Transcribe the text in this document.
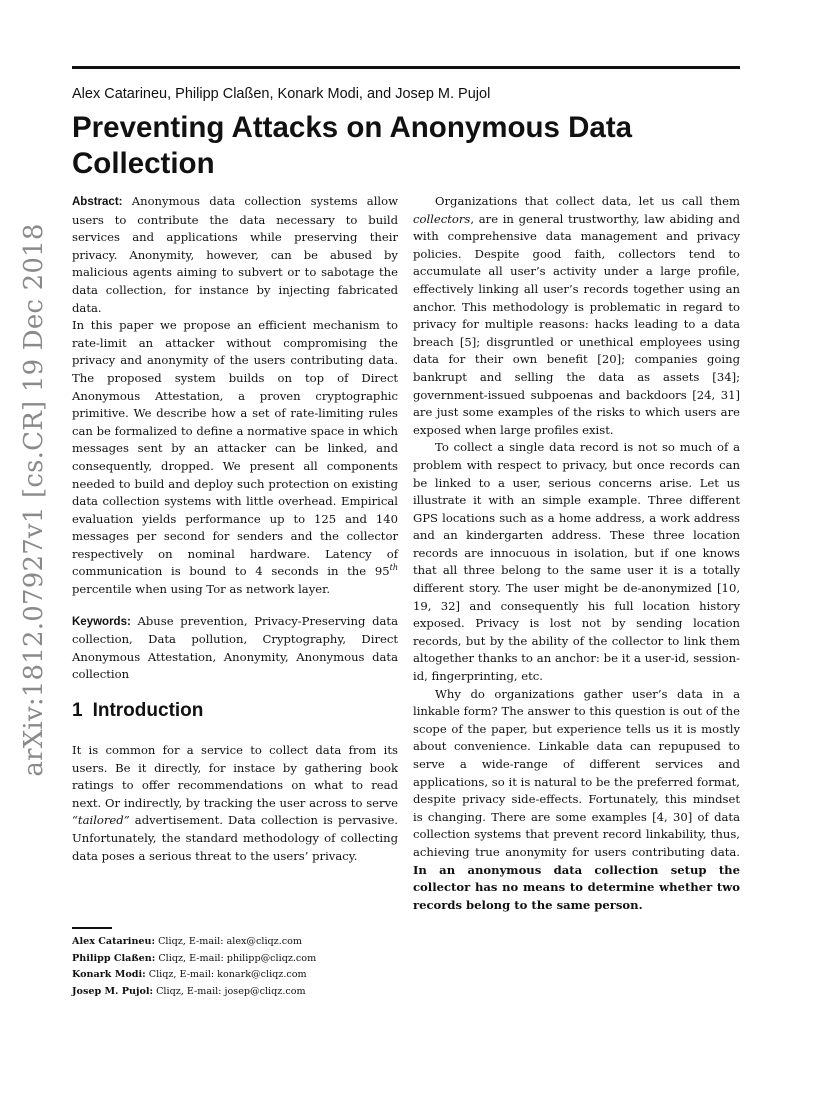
Alex Catarineu, Philipp Claßen, Konark Modi, and Josep M. Pujol
Preventing Attacks on Anonymous Data Collection
arXiv:1812.07927v1 [cs.CR] 19 Dec 2018

Abstract: Anonymous data collection systems allow users to contribute the data necessary to build services and applications while preserving their privacy. Anonymity, however, can be abused by malicious agents aiming to subvert or to sabotage the data collection, for instance by injecting fabricated data.

In this paper we propose an efficient mechanism to rate-limit an attacker without compromising the privacy and anonymity of the users contributing data. The proposed system builds on top of Direct Anonymous Attestation, a proven cryptographic primitive. We describe how a set of rate-limiting rules can be formalized to define a normative space in which messages sent by an attacker can be linked, and consequently, dropped. We present all components needed to build and deploy such protection on existing data collection systems with little overhead. Empirical evaluation yields performance up to 125 and 140 messages per second for senders and the collector respectively on nominal hardware. Latency of communication is bound to 4 seconds in the 95th percentile when using Tor as network layer.

Keywords: Abuse prevention, Privacy-Preserving data collection, Data pollution, Cryptography, Direct Anonymous Attestation, Anonymity, Anonymous data collection

1 Introduction

It is common for a service to collect data from its users. Be it directly, for instace by gathering book ratings to offer recommendations on what to read next. Or indirectly, by tracking the user across to serve “tailored” advertisement. Data collection is pervasive. Unfortunately, the standard methodology of collecting data poses a serious threat to the users’ privacy.

Organizations that collect data, let us call them collectors, are in general trustworthy, law abiding and with comprehensive data management and privacy policies. Despite good faith, collectors tend to accumulate all user’s activity under a large profile, effectively linking all user’s records together using an anchor. This methodology is problematic in regard to privacy for multiple reasons: hacks leading to a data breach [5]; disgruntled or unethical employees using data for their own benefit [20]; companies going bankrupt and selling the data as assets [34]; government-issued subpoenas and backdoors [24, 31] are just some examples of the risks to which users are exposed when large profiles exist.

To collect a single data record is not so much of a problem with respect to privacy, but once records can be linked to a user, serious concerns arise. Let us illustrate it with an simple example. Three different GPS locations such as a home address, a work address and an kindergarten address. These three location records are innocuous in isolation, but if one knows that all three belong to the same user it is a totally different story. The user might be de-anonymized [10, 19, 32] and consequently his full location history exposed. Privacy is lost not by sending location records, but by the ability of the collector to link them altogether thanks to an anchor: be it a user-id, session-id, fingerprinting, etc.

Why do organizations gather user’s data in a linkable form? The answer to this question is out of the scope of the paper, but experience tells us it is mostly about convenience. Linkable data can repupused to serve a wide-range of different services and applications, so it is natural to be the preferred format, despite privacy side-effects. Fortunately, this mindset is changing. There are some examples [4, 30] of data collection systems that prevent record linkability, thus, achieving true anonymity for users contributing data. In an anonymous data collection setup the collector has no means to determine whether two records belong to the same person.

Alex Catarineu: Cliqz, E-mail: alex@cliqz.com
Philipp Claßen: Cliqz, E-mail: philipp@cliqz.com
Konark Modi: Cliqz, E-mail: konark@cliqz.com
Josep M. Pujol: Cliqz, E-mail: josep@cliqz.com
